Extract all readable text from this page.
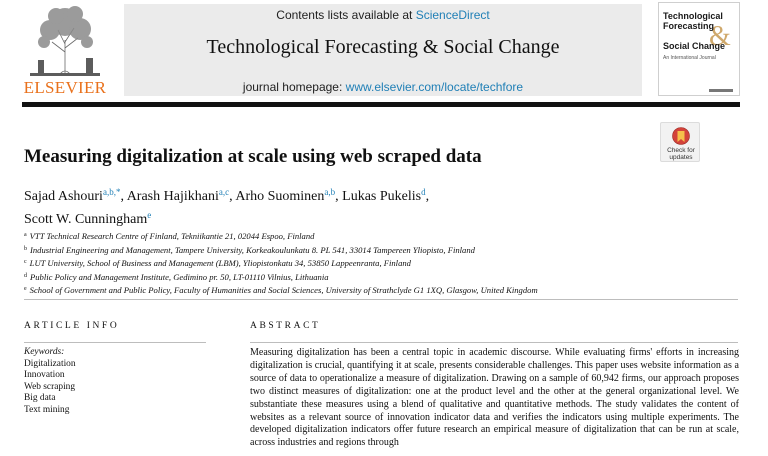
ELSEVIER
Contents lists available at ScienceDirect
Technological Forecasting & Social Change
journal homepage: www.elsevier.com/locate/techfore
&
Technological
Forecasting
Social Change
An International Journal
Check for
updates
Measuring digitalization at scale using web scraped data
Sajad Ashouri$^{a,b,*}$, Arash Hajikhani$^{a,c}$, Arho Suominen$^{a,b}$, Lukas Pukelis$^d$,
Scott W. Cunningham$^e$
$^a$ VTT Technical Research Centre of Finland, Tekniikantie 21, 02044 Espoo, Finland
$^b$ Industrial Engineering and Management, Tampere University, Korkeakoulunkatu 8. PL 541, 33014 Tampereen Yliopisto, Finland
$^c$ LUT University, School of Business and Management (LBM), Yliopistonkatu 34, 53850 Lappeenranta, Finland
$^d$ Public Policy and Management Institute, Gedimino pr. 50, LT-01110 Vilnius, Lithuania
$^e$ School of Government and Public Policy, Faculty of Humanities and Social Sciences, University of Strathclyde G1 1XQ, Glasgow, United Kingdom
ARTICLE INFO	ABSTRACT
Keywords:
Digitalization
Innovation
Web scraping
Big data
Text mining
Measuring digitalization has been a central topic in academic discourse. While evaluating firms' efforts in increasing digitalization is crucial, quantifying it at scale, presents considerable challenges. This paper uses website information as a source of data to operationalize a measure of digitalization. Drawing on a sample of 60,942 firms, our approach proposes two distinct measures of digitalization: one at the product level and the other at the general organizational level. We substantiate these measures using a blend of qualitative and quantitative methods. The study validates the content of websites as a relevant source of innovation indicator data and verifies the indicators using multiple experiments. The developed digitalization indicators offer future research an empirical measure of digitalization that can be run at scale, across industries and regions through
